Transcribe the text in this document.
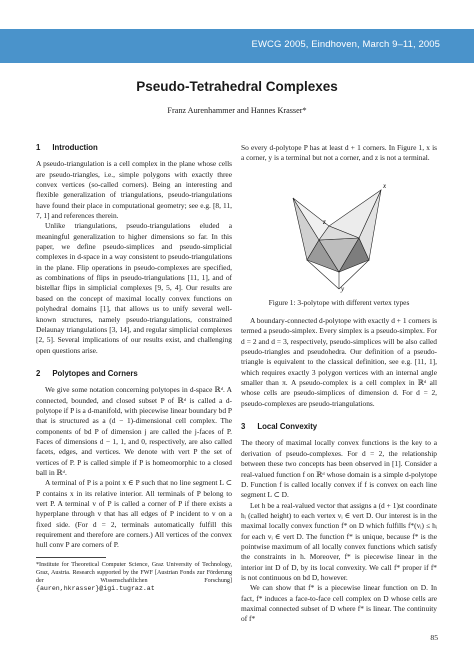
EWCG 2005, Eindhoven, March 9–11, 2005
Pseudo-Tetrahedral Complexes
Franz Aurenhammer and Hannes Krasser*
1 Introduction

A pseudo-triangulation is a cell complex in the plane whose cells are pseudo-triangles, i.e., simple polygons with exactly three convex vertices (so-called corners). Being an interesting and flexible generalization of triangulations, pseudo-triangulations have found their place in computational geometry; see e.g. [8, 11, 7, 1] and references therein.

Unlike triangulations, pseudo-triangulations eluded a meaningful generalization to higher dimensions so far. In this paper, we define pseudo-simplices and pseudo-simplicial complexes in d-space in a way consistent to pseudo-triangulations in the plane. Flip operations in pseudo-complexes are specified, as combinations of flips in pseudo-triangulations [11, 1], and of bistellar flips in simplicial complexes [9, 5, 4]. Our results are based on the concept of maximal locally convex functions on polyhedral domains [1], that allows us to unify several well-known structures, namely pseudo-triangulations, constrained Delaunay triangulations [3, 14], and regular simplicial complexes [2, 5]. Several implications of our results exist, and challenging open questions arise.

2 Polytopes and Corners

We give some notation concerning polytopes in d-space ℝᵈ. A connected, bounded, and closed subset P of ℝᵈ is called a d-polytope if P is a d-manifold, with piecewise linear boundary bd P that is structured as a (d − 1)-dimensional cell complex. The components of bd P of dimension j are called the j-faces of P. Faces of dimensions d − 1, 1, and 0, respectively, are also called facets, edges, and vertices. We denote with vert P the set of vertices of P. P is called simple if P is homeomorphic to a closed ball in ℝᵈ.

A terminal of P is a point x ∈ P such that no line segment L ⊂ P contains x in its relative interior. All terminals of P belong to vert P. A terminal v of P is called a corner of P if there exists a hyperplane through v that has all edges of P incident to v on a fixed side. (For d = 2, terminals automatically fulfill this requirement and therefore are corners.) All vertices of the convex hull conv P are corners of P.

*Institute for Theoretical Computer Science, Graz University of Technology, Graz, Austria. Research supported by the FWF [Austrian Fonds zur Förderung der Wissenschaftlichen Forschung] {auren,hkrasser}@igi.tugraz.at

So every d-polytope P has at least d + 1 corners. In Figure 1, x is a corner, y is a terminal but not a corner, and z is not a terminal.

x
y
z
Figure 1: 3-polytope with different vertex types

A boundary-connected d-polytope with exactly d + 1 corners is termed a pseudo-simplex. Every simplex is a pseudo-simplex. For d = 2 and d = 3, respectively, pseudo-simplices will be also called pseudo-triangles and pseudohedra. Our definition of a pseudo-triangle is equivalent to the classical definition, see e.g. [11, 1], which requires exactly 3 polygon vertices with an internal angle smaller than π. A pseudo-complex is a cell complex in ℝᵈ all whose cells are pseudo-simplices of dimension d. For d = 2, pseudo-complexes are pseudo-triangulations.

3 Local Convexity

The theory of maximal locally convex functions is the key to a derivation of pseudo-complexes. For d = 2, the relationship between these two concepts has been observed in [1]. Consider a real-valued function f on ℝᵈ whose domain is a simple d-polytope D. Function f is called locally convex if f is convex on each line segment L ⊂ D.

Let h be a real-valued vector that assigns a (d + 1)st coordinate hᵢ (called height) to each vertex vᵢ ∈ vert D. Our interest is in the maximal locally convex function f* on D which fulfills f*(vᵢ) ≤ hᵢ for each vᵢ ∈ vert D. The function f* is unique, because f* is the pointwise maximum of all locally convex functions which satisfy the constraints in h. Moreover, f* is piecewise linear in the interior int D of D, by its local convexity. We call f* proper if f* is not continuous on bd D, however.

We can show that f* is a piecewise linear function on D. In fact, f* induces a face-to-face cell complex on D whose cells are maximal connected subset of D where f* is linear. The continuity of f*

85
